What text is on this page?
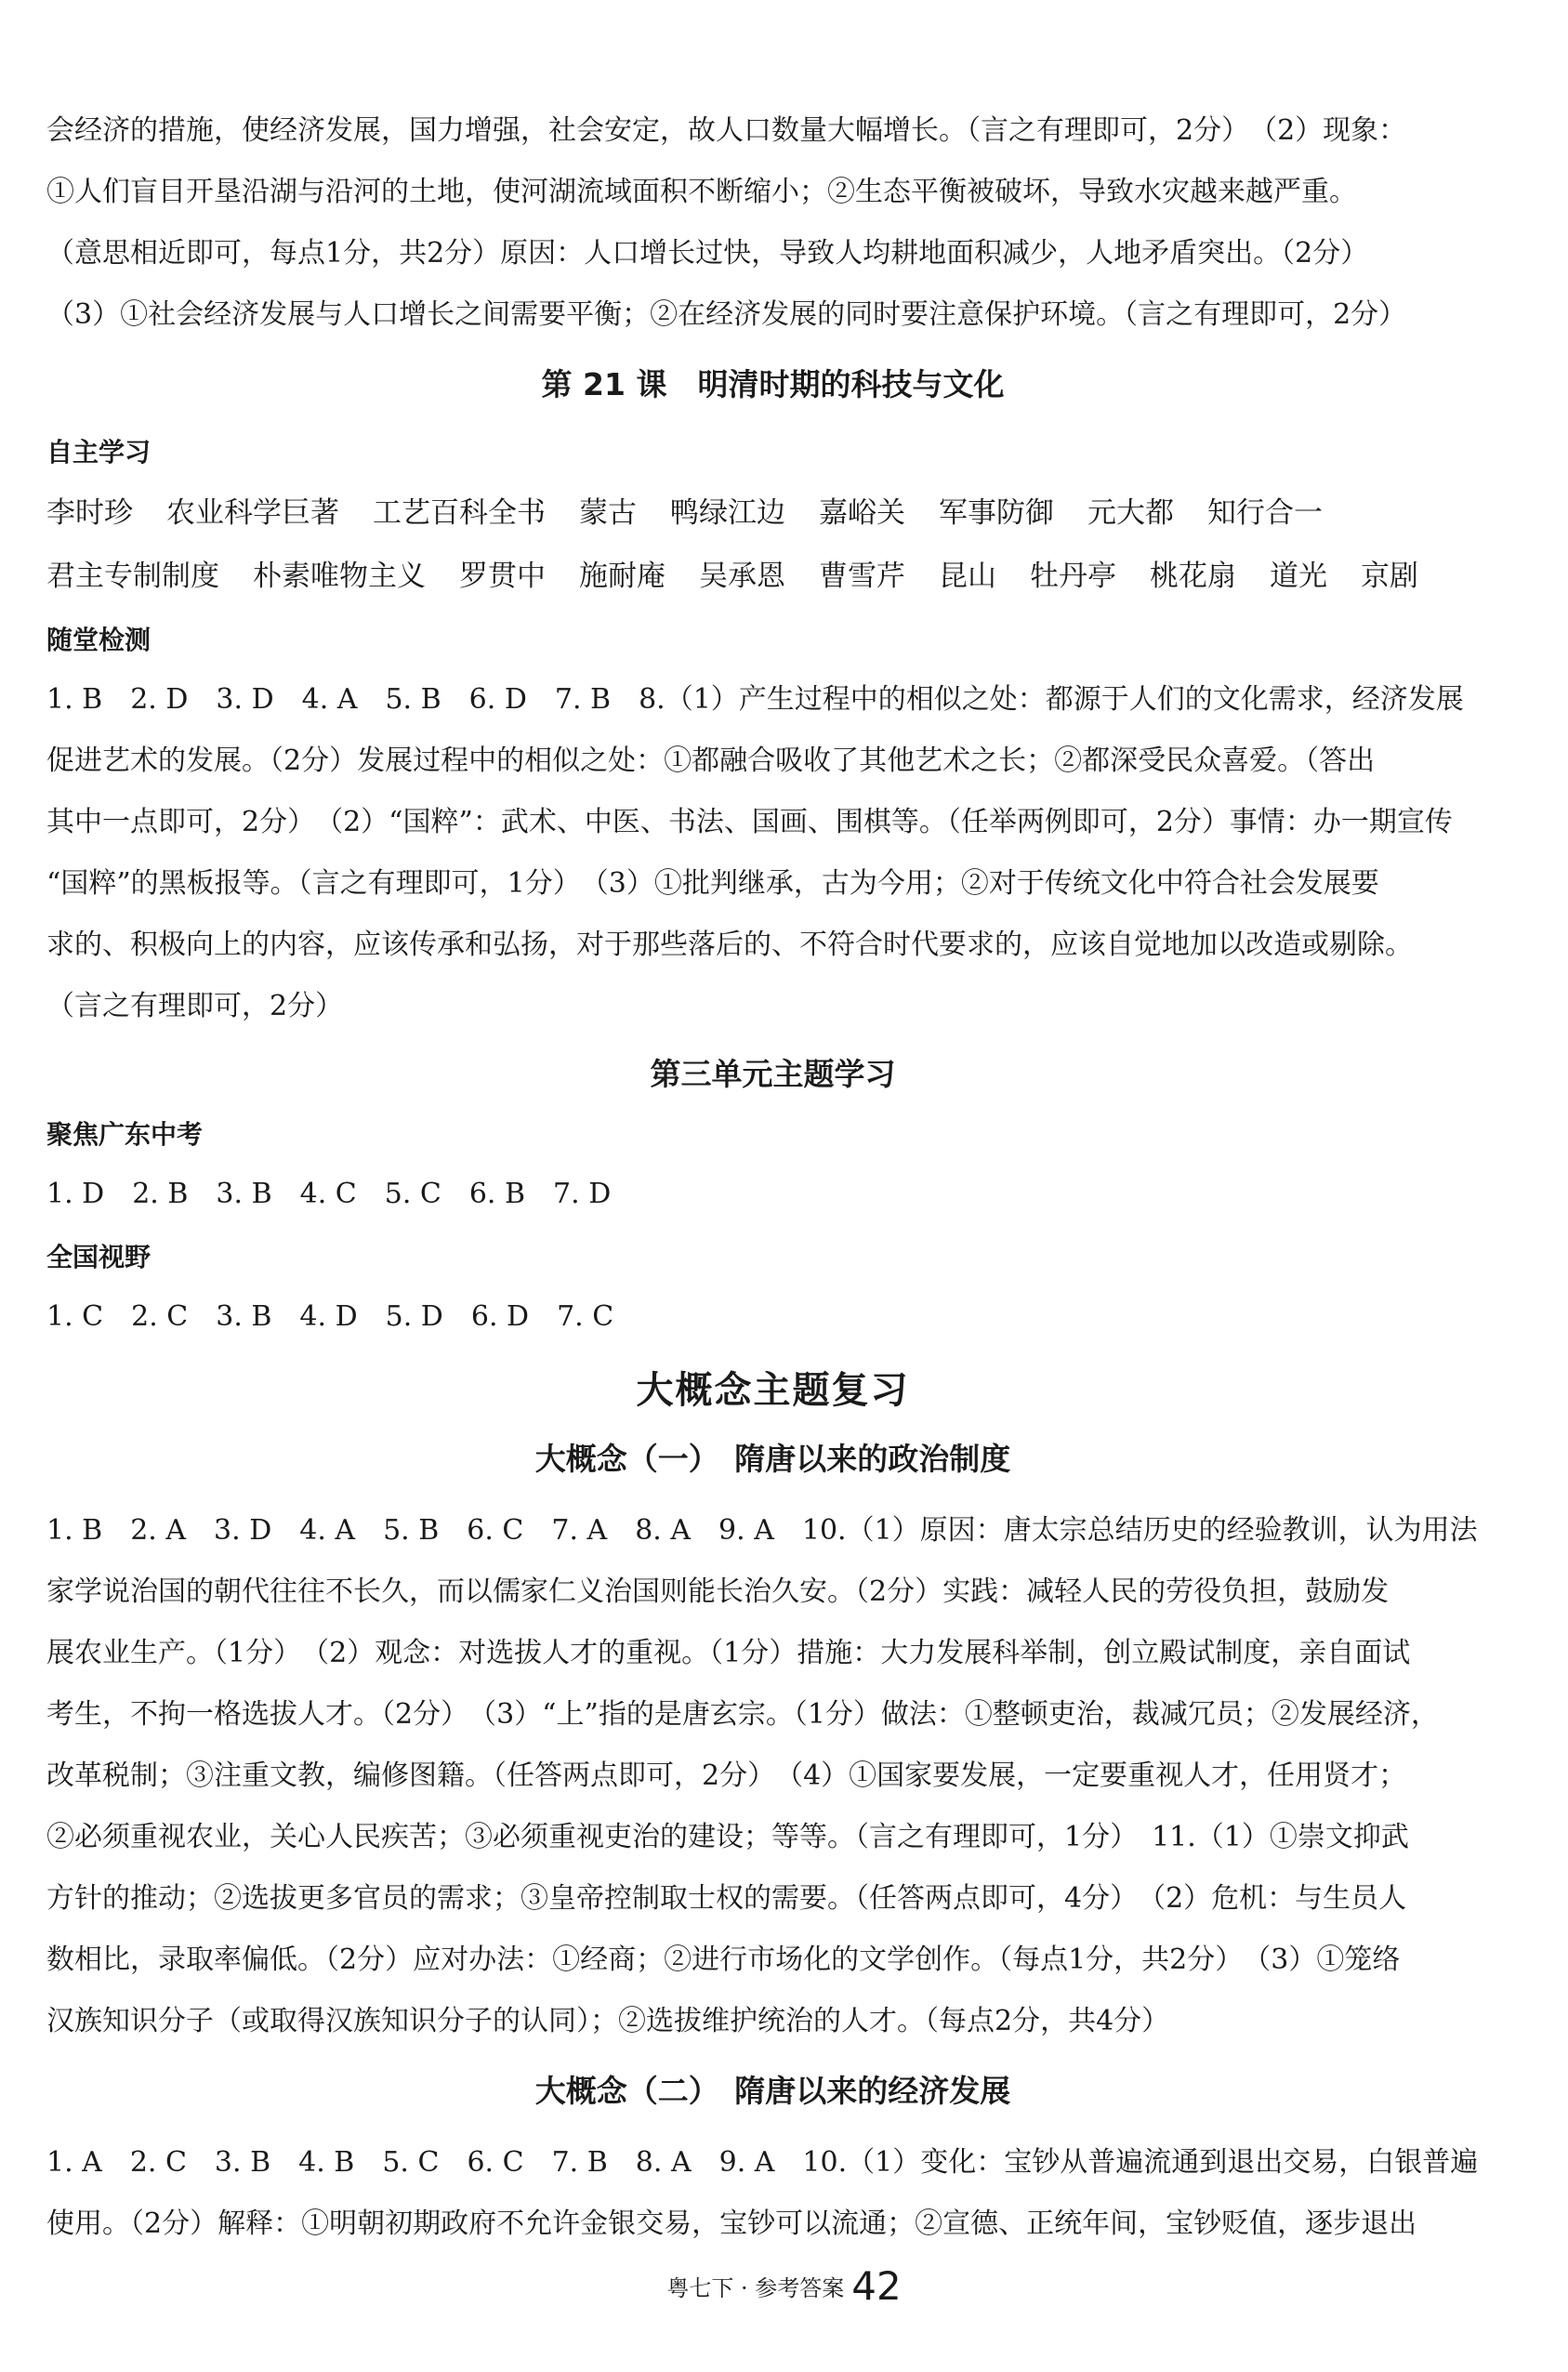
会经济的措施，使经济发展，国力增强，社会安定，故人口数量大幅增长。（言之有理即可，2分）　（2）现象：

①人们盲目开垦沿湖与沿河的土地，使河湖流域面积不断缩小；②生态平衡被破坏，导致水灾越来越严重。

（意思相近即可，每点1分，共2分）原因：人口增长过快，导致人均耕地面积减少，人地矛盾突出。（2分）

（3）①社会经济发展与人口增长之间需要平衡；②在经济发展的同时要注意保护环境。（言之有理即可，2分）

第 21 课　明清时期的科技与文化
自主学习
李时珍 农业科学巨著 工艺百科全书 蒙古 鸭绿江边 嘉峪关 军事防御 元大都 知行合一君主专制制度 朴素唯物主义 罗贯中 施耐庵 吴承恩 曹雪芹 昆山 牡丹亭 桃花扇 道光 京剧
随堂检测

1. B　2. D　3. D　4. A　5. B　6. D　7. B　8.（1）产生过程中的相似之处：都源于人们的文化需求，经济发展

促进艺术的发展。（2分）发展过程中的相似之处：①都融合吸收了其他艺术之长；②都深受民众喜爱。（答出

其中一点即可，2分）　（2）“国粹”：武术、中医、书法、国画、围棋等。（任举两例即可，2分）事情：办一期宣传

“国粹”的黑板报等。（言之有理即可，1分）　（3）①批判继承，古为今用；②对于传统文化中符合社会发展要

求的、积极向上的内容，应该传承和弘扬，对于那些落后的、不符合时代要求的，应该自觉地加以改造或剔除。

（言之有理即可，2分）

第三单元主题学习
聚焦广东中考

1. D　2. B　3. B　4. C　5. C　6. B　7. D

全国视野

1. C　2. C　3. B　4. D　5. D　6. D　7. C

大概念主题复习
大概念（一）　隋唐以来的政治制度

1. B　2. A　3. D　4. A　5. B　6. C　7. A　8. A　9. A　10.（1）原因：唐太宗总结历史的经验教训，认为用法

家学说治国的朝代往往不长久，而以儒家仁义治国则能长治久安。（2分）实践：减轻人民的劳役负担，鼓励发

展农业生产。（1分）　（2）观念：对选拔人才的重视。（1分）措施：大力发展科举制，创立殿试制度，亲自面试

考生，不拘一格选拔人才。（2分）　（3）“上”指的是唐玄宗。（1分）做法：①整顿吏治，裁减冗员；②发展经济，

改革税制；③注重文教，编修图籍。（任答两点即可，2分）　（4）①国家要发展，一定要重视人才，任用贤才；

②必须重视农业，关心人民疾苦；③必须重视吏治的建设；等等。（言之有理即可，1分）　11.（1）①崇文抑武

方针的推动；②选拔更多官员的需求；③皇帝控制取士权的需要。（任答两点即可，4分）　（2）危机：与生员人

数相比，录取率偏低。（2分）应对办法：①经商；②进行市场化的文学创作。（每点1分，共2分）　（3）①笼络

汉族知识分子（或取得汉族知识分子的认同）；②选拔维护统治的人才。（每点2分，共4分）

大概念（二）　隋唐以来的经济发展

1. A　2. C　3. B　4. B　5. C　6. C　7. B　8. A　9. A　10.（1）变化：宝钞从普遍流通到退出交易，白银普遍

使用。（2分）解释：①明朝初期政府不允许金银交易，宝钞可以流通；②宣德、正统年间，宝钞贬值，逐步退出

粤七下 · 参考答案 42
